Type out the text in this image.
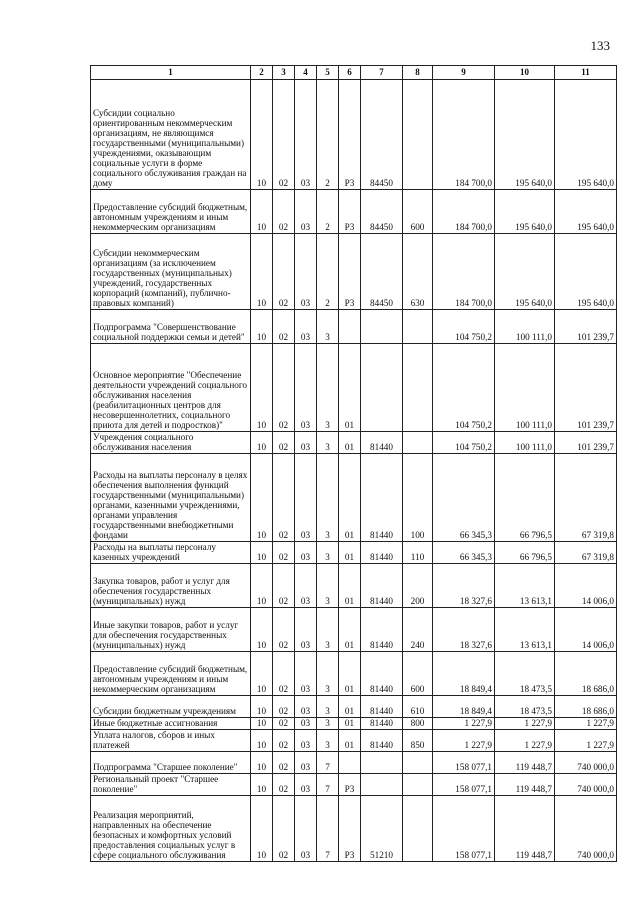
133
1	2	3	4	5	6	7	8	9	10	11
Субсидии социально ориентированным некоммерческим организациям, не являющимся государственными (муниципальными) учреждениями, оказывающим социальные услуги в форме социального обслуживания граждан на дому	10	02	03	2	Р3	84450		184 700,0	195 640,0	195 640,0
Предоставление субсидий бюджетным, автономным учреждениям и иным некоммерческим организациям	10	02	03	2	Р3	84450	600	184 700,0	195 640,0	195 640,0
Субсидии некоммерческим организациям (за исключением государственных (муниципальных) учреждений, государственных корпораций (компаний), публично-правовых компаний)	10	02	03	2	Р3	84450	630	184 700,0	195 640,0	195 640,0
Подпрограмма "Совершенствование социальной поддержки семьи и детей"	10	02	03	3				104 750,2	100 111,0	101 239,7
Основное мероприятие "Обеспечение деятельности учреждений социального обслуживания населения (реабилитационных центров для несовершеннолетних, социального приюта для детей и подростков)"	10	02	03	3	01			104 750,2	100 111,0	101 239,7
Учреждения социального обслуживания населения	10	02	03	3	01	81440		104 750,2	100 111,0	101 239,7
Расходы на выплаты персоналу в целях обеспечения выполнения функций государственными (муниципальными) органами, казенными учреждениями, органами управления государственными внебюджетными фондами	10	02	03	3	01	81440	100	66 345,3	66 796,5	67 319,8
Расходы на выплаты персоналу казенных учреждений	10	02	03	3	01	81440	110	66 345,3	66 796,5	67 319,8
Закупка товаров, работ и услуг для обеспечения государственных (муниципальных) нужд	10	02	03	3	01	81440	200	18 327,6	13 613,1	14 006,0
Иные закупки товаров, работ и услуг для обеспечения государственных (муниципальных) нужд	10	02	03	3	01	81440	240	18 327,6	13 613,1	14 006,0
Предоставление субсидий бюджетным, автономным учреждениям и иным некоммерческим организациям	10	02	03	3	01	81440	600	18 849,4	18 473,5	18 686,0
Субсидии бюджетным учреждениям	10	02	03	3	01	81440	610	18 849,4	18 473,5	18 686,0
Иные бюджетные ассигнования	10	02	03	3	01	81440	800	1 227,9	1 227,9	1 227,9
Уплата налогов, сборов и иных платежей	10	02	03	3	01	81440	850	1 227,9	1 227,9	1 227,9
Подпрограмма "Старшее поколение"	10	02	03	7				158 077,1	119 448,7	740 000,0
Региональный проект "Старшее поколение"	10	02	03	7	Р3			158 077,1	119 448,7	740 000,0
Реализация мероприятий, направленных на обеспечение безопасных и комфортных условий предоставления социальных услуг в сфере социального обслуживания	10	02	03	7	Р3	51210		158 077,1	119 448,7	740 000,0
